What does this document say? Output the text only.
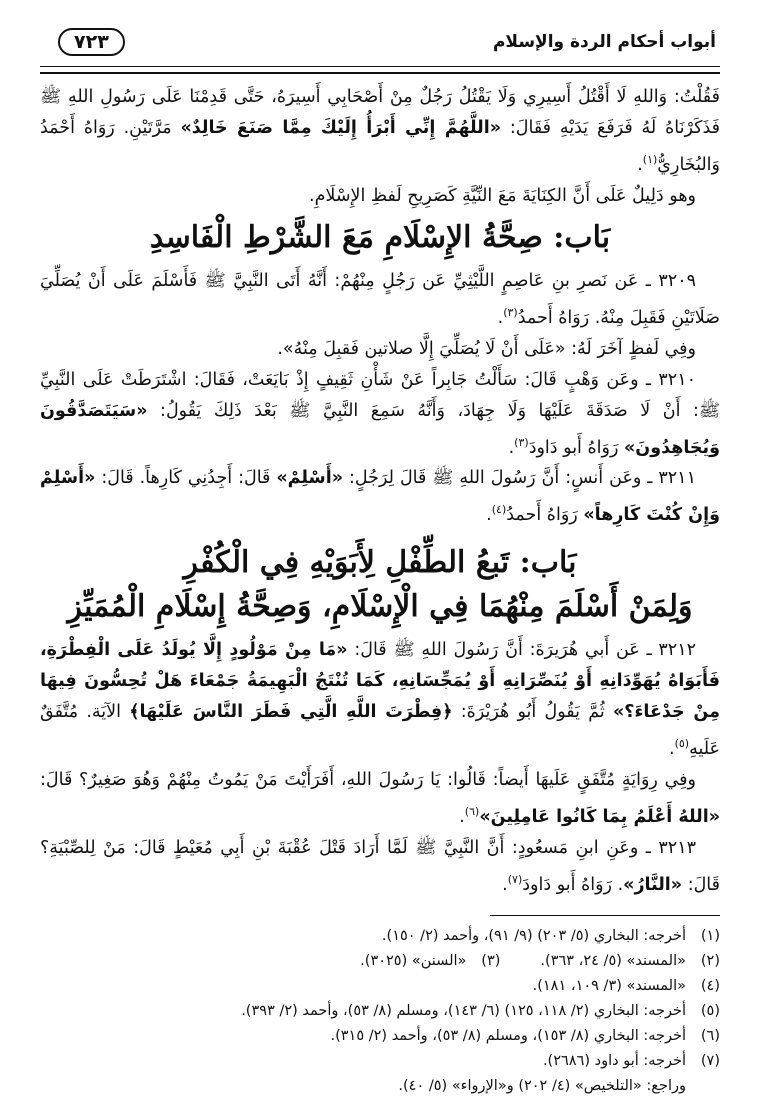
أبواب أحكام الردة والإسلام
٧٢٣

فَقُلْتُ: وَاللهِ لَا أَقْتُلُ أَسِيرِي وَلَا يَقْتُلُ رَجُلٌ مِنْ أَصْحَابِي أَسِيرَهُ، حَتَّى قَدِمْنَا عَلَى رَسُولِ اللهِ ﷺ فَذَكَرْنَاهُ لَهُ فَرَفَعَ يَدَيْهِ فَقَالَ: «اللَّهُمَّ إِنِّي أَبْرَأُ إِلَيْكَ مِمَّا صَنَعَ خَالِدٌ» مَرَّتَيْنِ. رَوَاهُ أَحْمَدُ وَالبُخَارِيُّ$^{(١)}$.

وهو دَلِيلٌ عَلَى أَنَّ الكِنَايَةَ مَعَ النِّيَّةِ كَصَرِيحِ لَفظِ الإِسْلَامِ.

بَاب: صِحَّةُ الإِسْلَامِ مَعَ الشَّرْطِ الْفَاسِدِ

٣٢٠٩ ـ عَن نَصرِ بنِ عَاصِمٍ اللَّيْثِيِّ عَن رَجُلٍ مِنْهُمْ: أَنَّهُ أَتَى النَّبِيَّ ﷺ فَأَسْلَمَ عَلَى أَنْ يُصَلِّيَ صَلَاتَيْنِ فَقَبِلَ مِنْهُ. رَوَاهُ أَحمدُ$^{(٣)}$.

وفِي لَفظٍ آخَرَ لَهُ: «عَلَى أَنْ لَا يُصَلِّيَ إِلَّا صلاتين فَقبِلَ مِنْهُ».

٣٢١٠ ـ وعَن وَهْبٍ قَالَ: سَأَلْتُ جَابِراً عَنْ شَأْنِ ثَقِيفٍ إِذْ بَايَعَتْ، فَقَالَ: اشْتَرَطَتْ عَلَى النَّبِيِّ ﷺ: أَنْ لَا صَدَقَةَ عَلَيْهَا وَلَا جِهَادَ، وَأَنَّهُ سَمِعَ النَّبِيَّ ﷺ بَعْدَ ذَلِكَ يَقُولُ: «سَيَتَصَدَّقُونَ وَيُجَاهِدُونَ» رَوَاهُ أَبو دَاودَ$^{(٣)}$.

٣٢١١ ـ وعَن أَنسٍ: أَنَّ رَسُولَ اللهِ ﷺ قَالَ لِرَجُلٍ: «أَسْلِمْ» قَالَ: أَجِدُنِي كَارِهاً. قَالَ: «أَسْلِمْ وَإِنْ كُنْتَ كَارِهاً» رَوَاهُ أَحمدُ$^{(٤)}$.

بَاب: تَبعُ الطِّفْلِ لِأَبَوَيْهِ فِي الْكُفْرِ
وَلِمَنْ أَسْلَمَ مِنْهُمَا فِي الْإِسْلَامِ، وَصِحَّةُ إِسْلَامِ الْمُمَيِّزِ

٣٢١٢ ـ عَن أَبي هُرَيرَةَ: أَنَّ رَسُولَ اللهِ ﷺ قَالَ: «مَا مِنْ مَوْلُودٍ إِلَّا يُولَدُ عَلَى الْفِطْرَةِ، فَأَبَوَاهُ يُهَوِّدَانِهِ أَوْ يُنَصِّرَانِهِ أَوْ يُمَجِّسَانِهِ، كَمَا تُنْتَجُ الْبَهِيمَةُ جَمْعَاءَ هَلْ تُحِسُّونَ فِيهَا مِنْ جَدْعَاءَ؟» ثُمَّ يَقُولُ أَبُو هُرَيْرَةَ: ﴿فِطْرَتَ اللَّهِ الَّتِي فَطَرَ النَّاسَ عَلَيْهَا﴾ الآيَة. مُتَّفَقٌ عَلَيهِ$^{(٥)}$.

وفِي رِوَايَةٍ مُتَّفَقٍ عَلَيهَا أَيضاً: قَالُوا: يَا رَسُولَ اللهِ، أَفَرَأَيْتَ مَنْ يَمُوتُ مِنْهُمْ وَهُوَ صَغِيرٌ؟ قَالَ: «اللهُ أَعْلَمُ بِمَا كَانُوا عَامِلِينَ»$^{(٦)}$.

٣٢١٣ ـ وعَنِ ابنِ مَسعُودٍ: أَنَّ النَّبِيَّ ﷺ لَمَّا أَرَادَ قَتْلَ عُقْبَةَ بْنِ أَبِي مُعَيْطٍ قَالَ: مَنْ لِلصِّبْيَةِ؟ قَالَ: «النَّارُ». رَوَاهُ أَبو دَاودَ$^{(٧)}$.

(١)
أخرجه: البخاري (٥/ ٢٠٣) (٩/ ٩١)، وأحمد (٢/ ١٥٠).
(٢)
«المسند» (٥/ ٢٤، ٣٦٣).
(٣)
«السنن» (٣٠٢٥).
(٤)
«المسند» (٣/ ١٠٩، ١٨١).
(٥)
أخرجه: البخاري (٢/ ١١٨، ١٢٥) (٦/ ١٤٣)، ومسلم (٨/ ٥٣)، وأحمد (٢/ ٣٩٣).
(٦)
أخرجه: البخاري (٨/ ١٥٣)، ومسلم (٨/ ٥٣)، وأحمد (٢/ ٣١٥).
(٧)
أخرجه: أبو داود (٢٦٨٦).
وراجع: «التلخيص» (٤/ ٢٠٢) و«الإرواء» (٥/ ٤٠).
